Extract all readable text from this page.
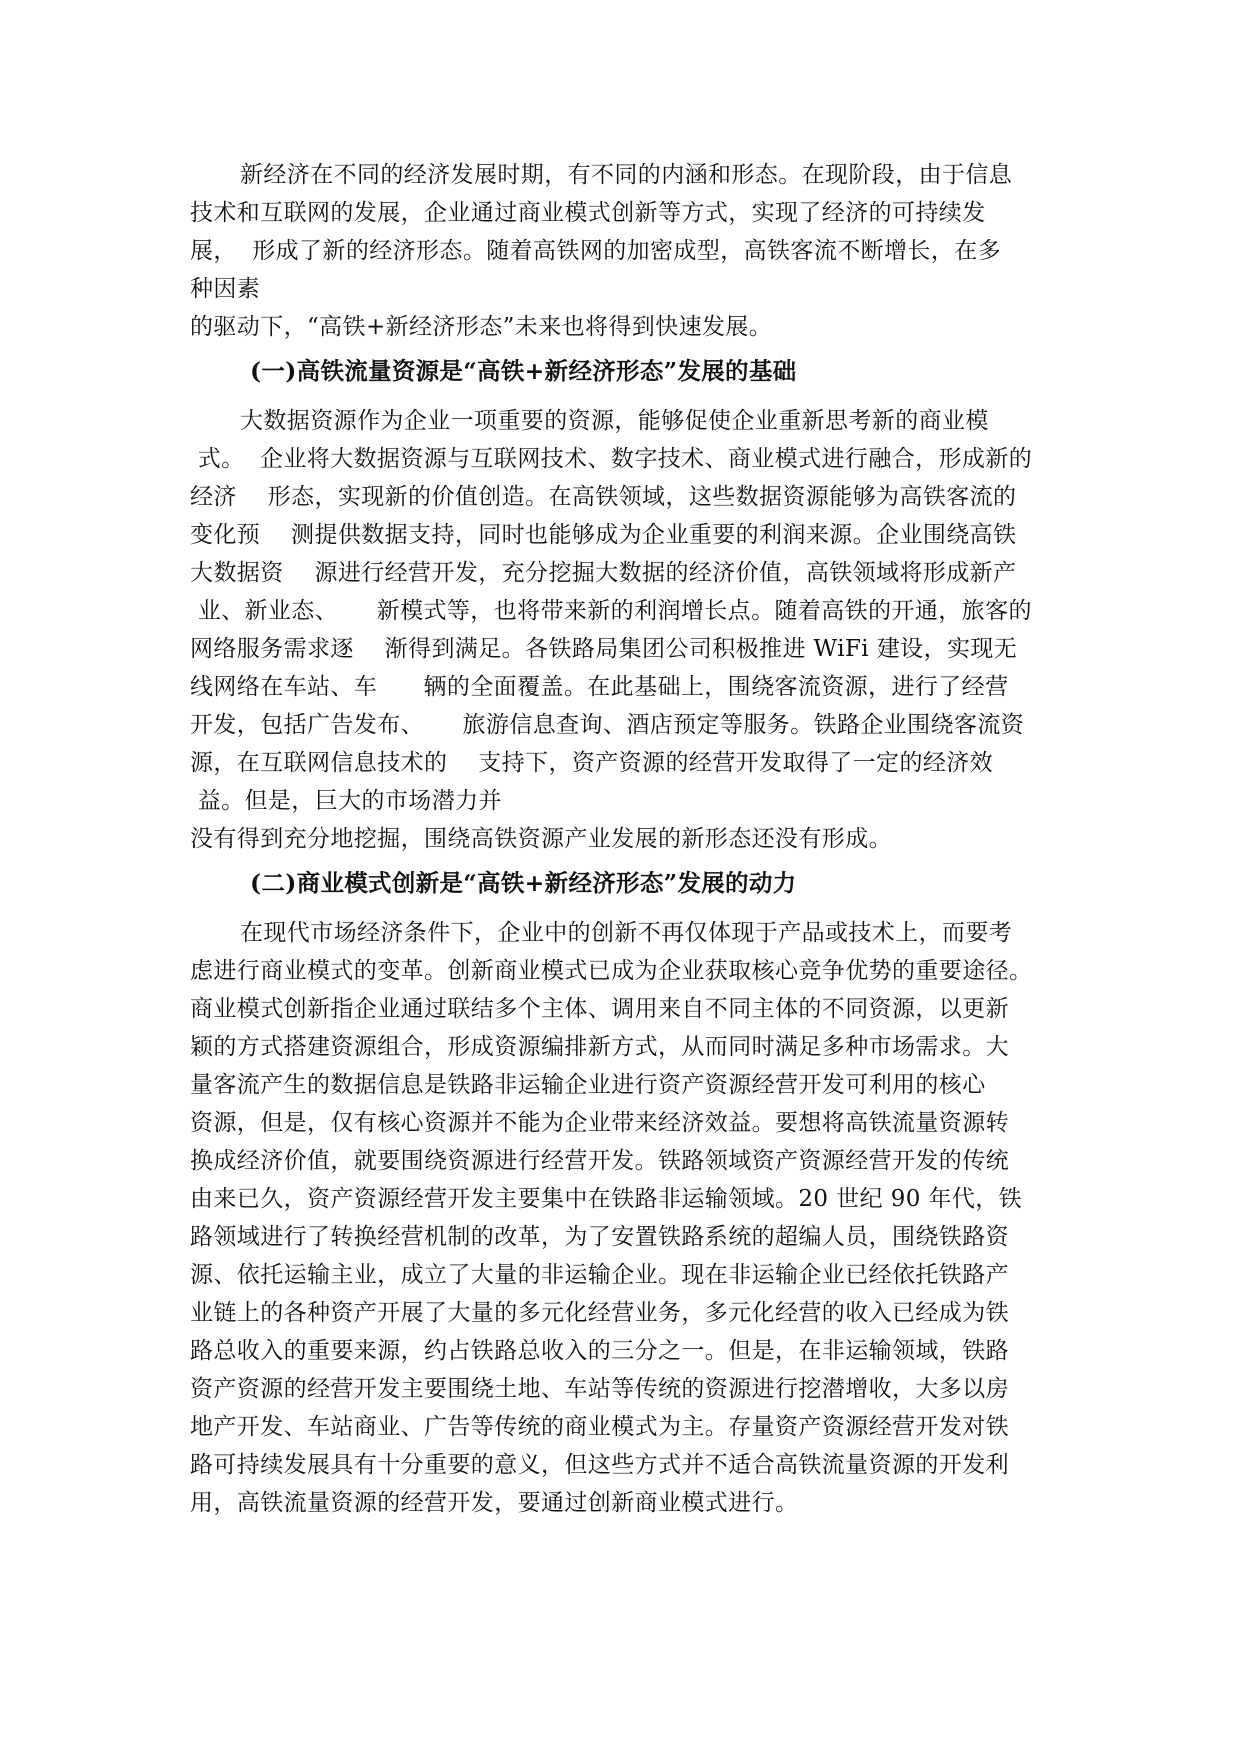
新经济在不同的经济发展时期，有不同的内涵和形态。在现阶段，由于信息
技术和互联网的发展，企业通过商业模式创新等方式，实现了经济的可持续发
展，  形成了新的经济形态。随着高铁网的加密成型，高铁客流不断增长，在多
种因素
的驱动下，“高铁+新经济形态”未来也将得到快速发展。
(一)高铁流量资源是“高铁+新经济形态”发展的基础
大数据资源作为企业一项重要的资源，能够促使企业重新思考新的商业模
式。  企业将大数据资源与互联网技术、数字技术、商业模式进行融合，形成新的
经济    形态，实现新的价值创造。在高铁领域，这些数据资源能够为高铁客流的
变化预    测提供数据支持，同时也能够成为企业重要的利润来源。企业围绕高铁
大数据资    源进行经营开发，充分挖掘大数据的经济价值，高铁领域将形成新产
业、新业态、     新模式等，也将带来新的利润增长点。随着高铁的开通，旅客的
网络服务需求逐    渐得到满足。各铁路局集团公司积极推进 WiFi 建设，实现无
线网络在车站、车      辆的全面覆盖。在此基础上，围绕客流资源，进行了经营
开发，包括广告发布、     旅游信息查询、酒店预定等服务。铁路企业围绕客流资
源，在互联网信息技术的    支持下，资产资源的经营开发取得了一定的经济效
益。但是，巨大的市场潜力并
没有得到充分地挖掘，围绕高铁资源产业发展的新形态还没有形成。
(二)商业模式创新是“高铁+新经济形态”发展的动力
在现代市场经济条件下，企业中的创新不再仅体现于产品或技术上，而要考
虑进行商业模式的变革。创新商业模式已成为企业获取核心竞争优势的重要途径。
商业模式创新指企业通过联结多个主体、调用来自不同主体的不同资源，以更新
颖的方式搭建资源组合，形成资源编排新方式，从而同时满足多种市场需求。大
量客流产生的数据信息是铁路非运输企业进行资产资源经营开发可利用的核心
资源，但是，仅有核心资源并不能为企业带来经济效益。要想将高铁流量资源转
换成经济价值，就要围绕资源进行经营开发。铁路领域资产资源经营开发的传统
由来已久，资产资源经营开发主要集中在铁路非运输领域。20 世纪 90 年代，铁
路领域进行了转换经营机制的改革，为了安置铁路系统的超编人员，围绕铁路资
源、依托运输主业，成立了大量的非运输企业。现在非运输企业已经依托铁路产
业链上的各种资产开展了大量的多元化经营业务，多元化经营的收入已经成为铁
路总收入的重要来源，约占铁路总收入的三分之一。但是，在非运输领域，铁路
资产资源的经营开发主要围绕土地、车站等传统的资源进行挖潜增收，大多以房
地产开发、车站商业、广告等传统的商业模式为主。存量资产资源经营开发对铁
路可持续发展具有十分重要的意义，但这些方式并不适合高铁流量资源的开发利
用，高铁流量资源的经营开发，要通过创新商业模式进行。
